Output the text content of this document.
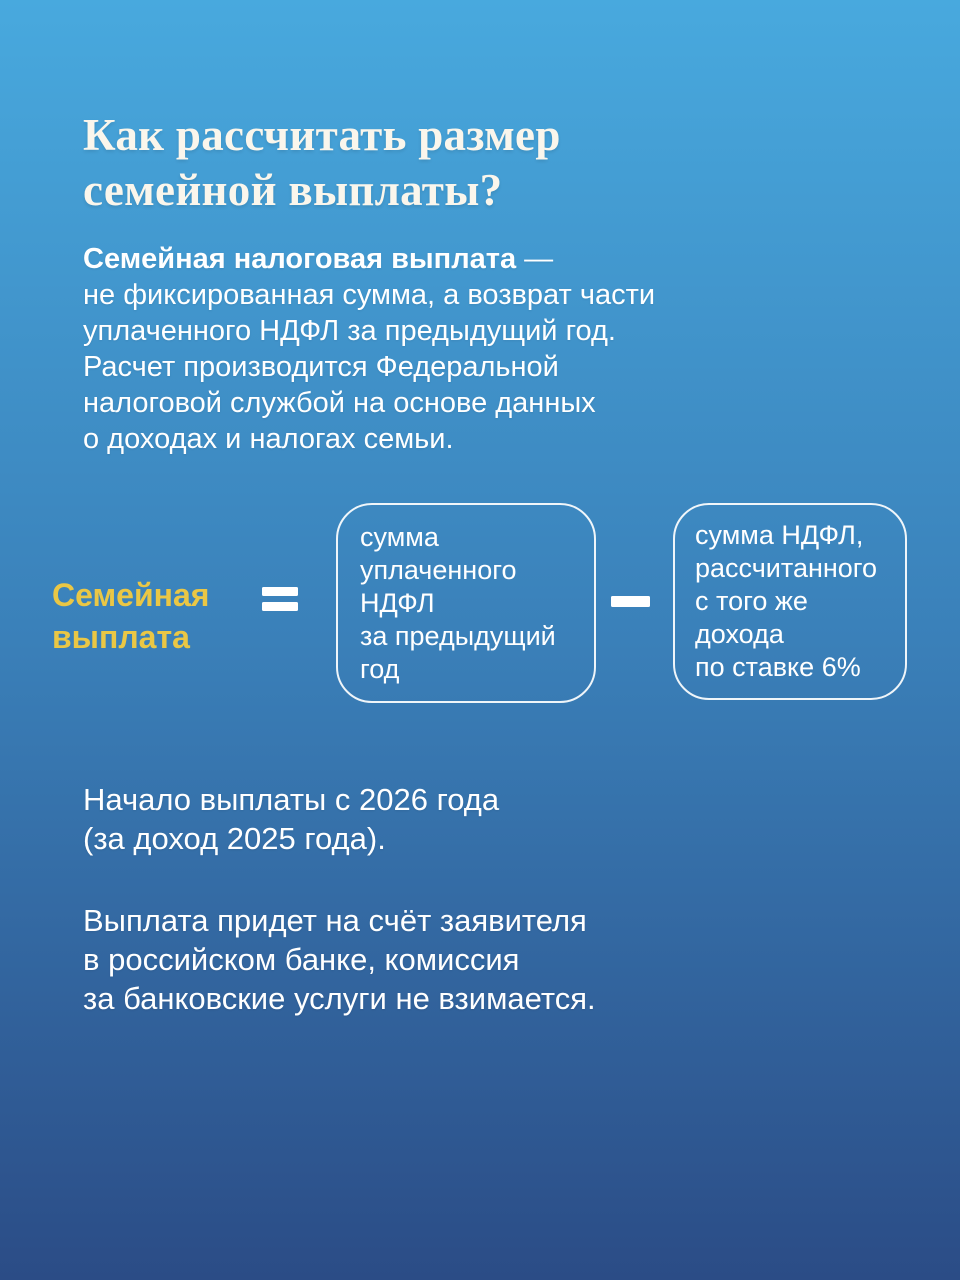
Как рассчитать размер
семейной выплаты?
Семейная налоговая выплата —
не фиксированная сумма, а возврат части
уплаченного НДФЛ за предыдущий год.
Расчет производится Федеральной
налоговой службой на основе данных
о доходах и налогах семьи.
Семейная
выплата
сумма
уплаченного
НДФЛ
за предыдущий
год
сумма НДФЛ,
рассчитанного
с того же
дохода
по ставке 6%
Начало выплаты с 2026 года
(за доход 2025 года).
Выплата придет на счёт заявителя
в российском банке, комиссия
за банковские услуги не взимается.
